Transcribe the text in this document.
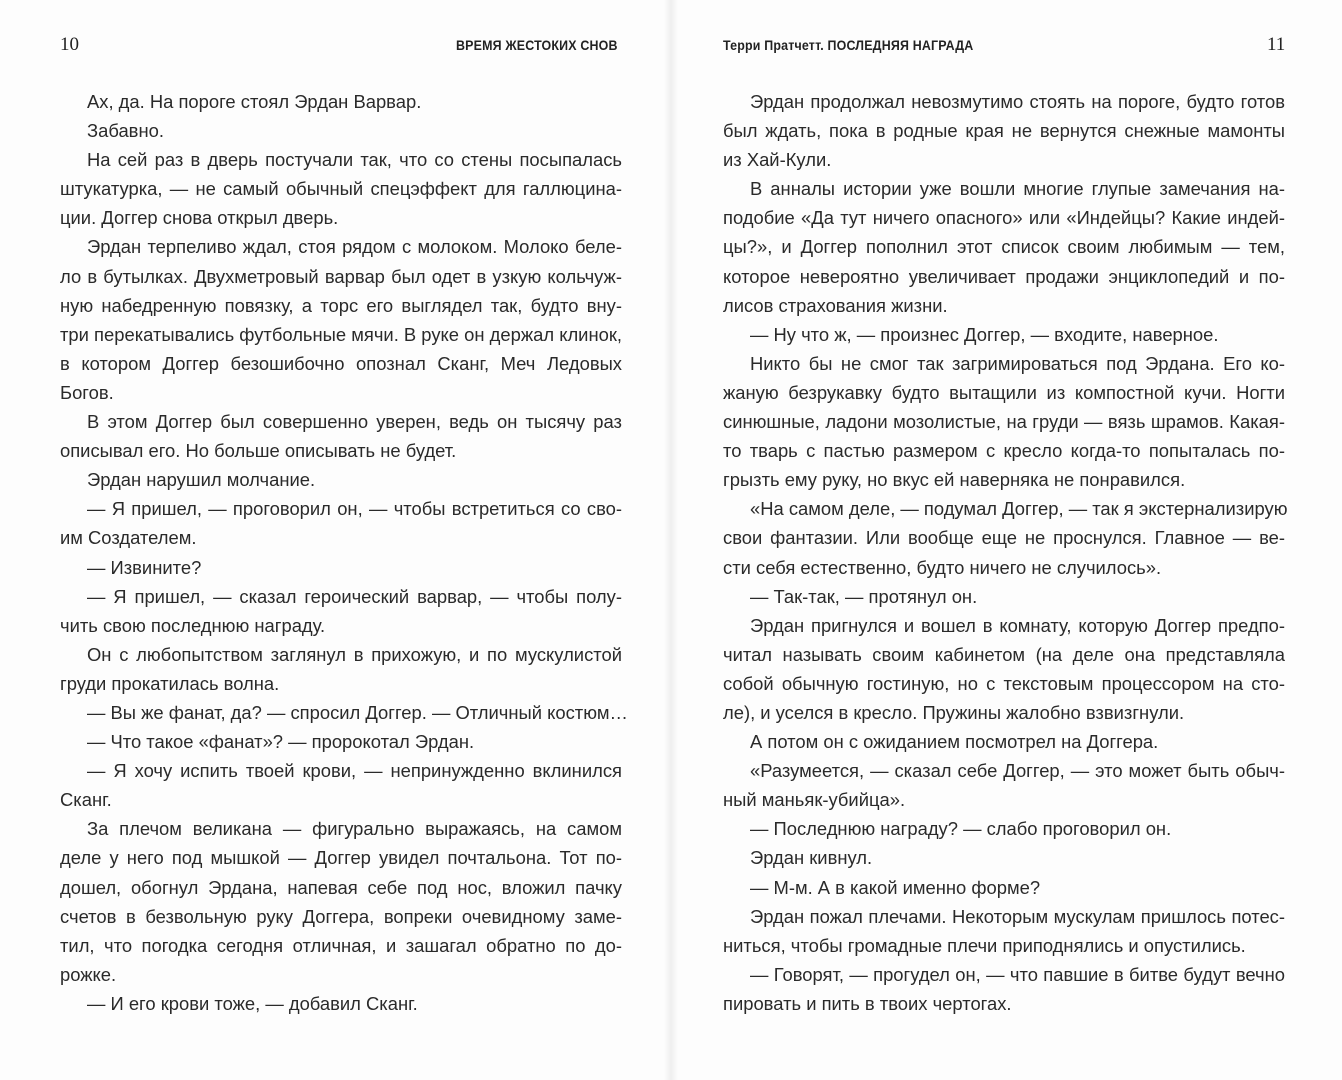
10	ВРЕМЯ ЖЕСТОКИХ СНОВ
Ах, да. На пороге стоял Эрдан Варвар.
Забавно.
На сей раз в дверь постучали так, что со стены посыпалась
штукатурка, — не самый обычный спецэффект для галлюцина-
ции. Доггер снова открыл дверь.
Эрдан терпеливо ждал, стоя рядом с молоком. Молоко беле-
ло в бутылках. Двухметровый варвар был одет в узкую кольчуж-
ную набедренную повязку, а торс его выглядел так, будто вну-
три перекатывались футбольные мячи. В руке он держал клинок,
в котором Доггер безошибочно опознал Сканг, Меч Ледовых
Богов.
В этом Доггер был совершенно уверен, ведь он тысячу раз
описывал его. Но больше описывать не будет.
Эрдан нарушил молчание.
— Я пришел, — проговорил он, — чтобы встретиться со сво-
им Создателем.
— Извините?
— Я пришел, — сказал героический варвар, — чтобы полу-
чить свою последнюю награду.
Он с любопытством заглянул в прихожую, и по мускулистой
груди прокатилась волна.
— Вы же фанат, да? — спросил Доггер. — Отличный костюм…
— Что такое «фанат»? — пророкотал Эрдан.
— Я хочу испить твоей крови, — непринужденно вклинился
Сканг.
За плечом великана — фигурально выражаясь, на самом
деле у него под мышкой — Доггер увидел почтальона. Тот по-
дошел, обогнул Эрдана, напевая себе под нос, вложил пачку
счетов в безвольную руку Доггера, вопреки очевидному заме-
тил, что погодка сегодня отличная, и зашагал обратно по до-
рожке.
— И его крови тоже, — добавил Сканг.
11
Терри Пратчетт. ПОСЛЕДНЯЯ НАГРАДА
Эрдан продолжал невозмутимо стоять на пороге, будто готов
был ждать, пока в родные края не вернутся снежные мамонты
из Хай-Кули.
В анналы истории уже вошли многие глупые замечания на-
подобие «Да тут ничего опасного» или «Индейцы? Какие индей-
цы?», и Доггер пополнил этот список своим любимым — тем,
которое невероятно увеличивает продажи энциклопедий и по-
лисов страхования жизни.
— Ну что ж, — произнес Доггер, — входите, наверное.
Никто бы не смог так загримироваться под Эрдана. Его ко-
жаную безрукавку будто вытащили из компостной кучи. Ногти
синюшные, ладони мозолистые, на груди — вязь шрамов. Какая-
то тварь с пастью размером с кресло когда-то попыталась по-
грызть ему руку, но вкус ей наверняка не понравился.
«На самом деле, — подумал Доггер, — так я экстернализирую
свои фантазии. Или вообще еще не проснулся. Главное — ве-
сти себя естественно, будто ничего не случилось».
— Так-так, — протянул он.
Эрдан пригнулся и вошел в комнату, которую Доггер предпо-
читал называть своим кабинетом (на деле она представляла
собой обычную гостиную, но с текстовым процессором на сто-
ле), и уселся в кресло. Пружины жалобно взвизгнули.
А потом он с ожиданием посмотрел на Доггера.
«Разумеется, — сказал себе Доггер, — это может быть обыч-
ный маньяк-убийца».
— Последнюю награду? — слабо проговорил он.
Эрдан кивнул.
— М-м. А в какой именно форме?
Эрдан пожал плечами. Некоторым мускулам пришлось потес-
ниться, чтобы громадные плечи приподнялись и опустились.
— Говорят, — прогудел он, — что павшие в битве будут вечно
пировать и пить в твоих чертогах.
